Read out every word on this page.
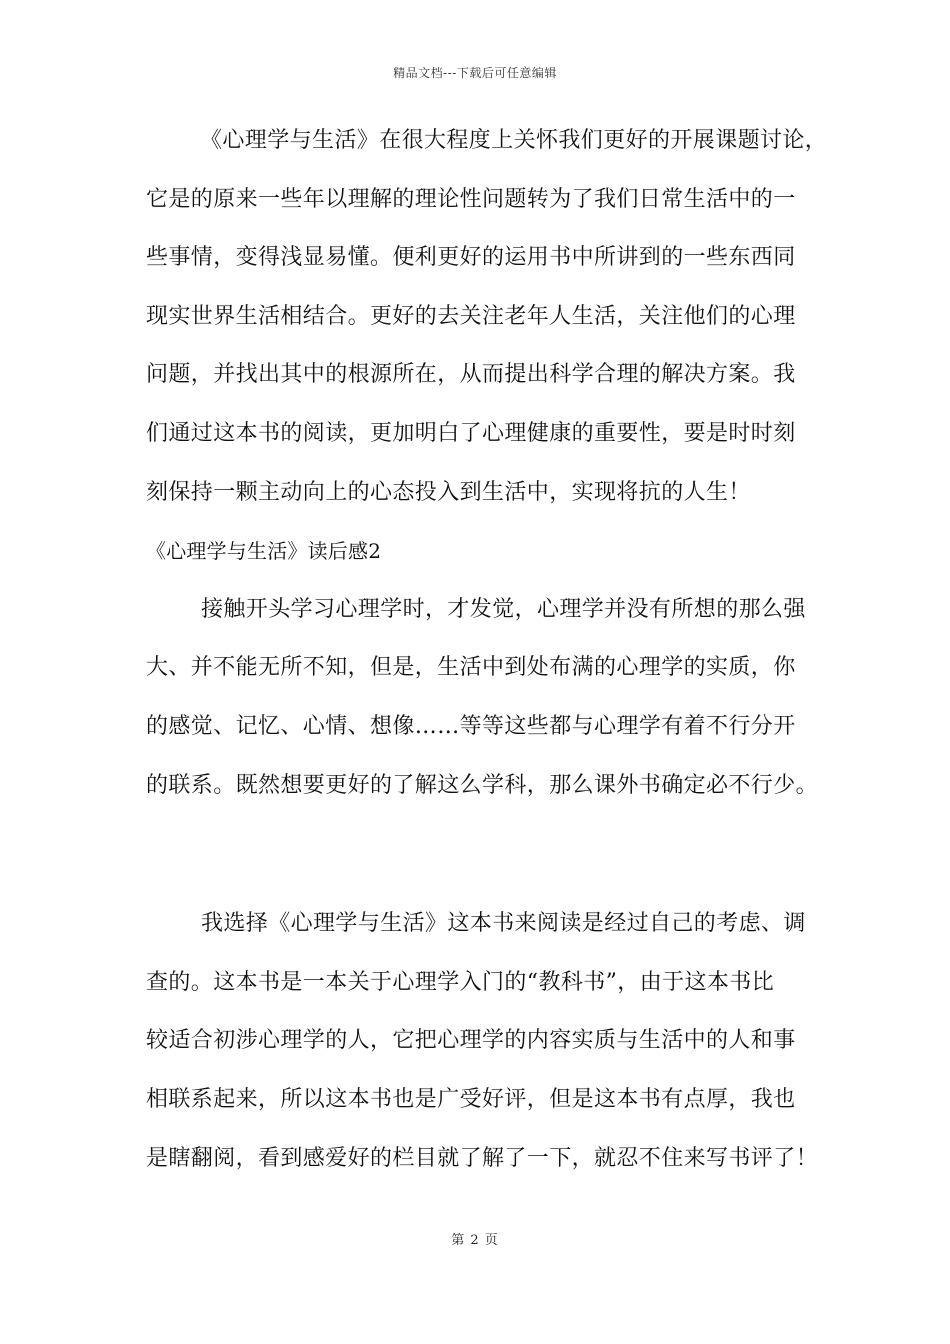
精品文档---下载后可任意编辑
《心理学与生活》在很大程度上关怀我们更好的开展课题讨论，
它是的原来一些年以理解的理论性问题转为了我们日常生活中的一
些事情，变得浅显易懂。便利更好的运用书中所讲到的一些东西同
现实世界生活相结合。更好的去关注老年人生活，关注他们的心理
问题，并找出其中的根源所在，从而提出科学合理的解决方案。我
们通过这本书的阅读，更加明白了心理健康的重要性，要是时时刻
刻保持一颗主动向上的心态投入到生活中，实现将抗的人生！
《心理学与生活》读后感2
接触开头学习心理学时，才发觉，心理学并没有所想的那么强
大、并不能无所不知，但是，生活中到处布满的心理学的实质，你
的感觉、记忆、心情、想像……等等这些都与心理学有着不行分开
的联系。既然想要更好的了解这么学科，那么课外书确定必不行少。
我选择《心理学与生活》这本书来阅读是经过自己的考虑、调
查的。这本书是一本关于心理学入门的“教科书”，由于这本书比
较适合初涉心理学的人，它把心理学的内容实质与生活中的人和事
相联系起来，所以这本书也是广受好评，但是这本书有点厚，我也
是瞎翻阅，看到感爱好的栏目就了解了一下，就忍不住来写书评了！
第 2 页
